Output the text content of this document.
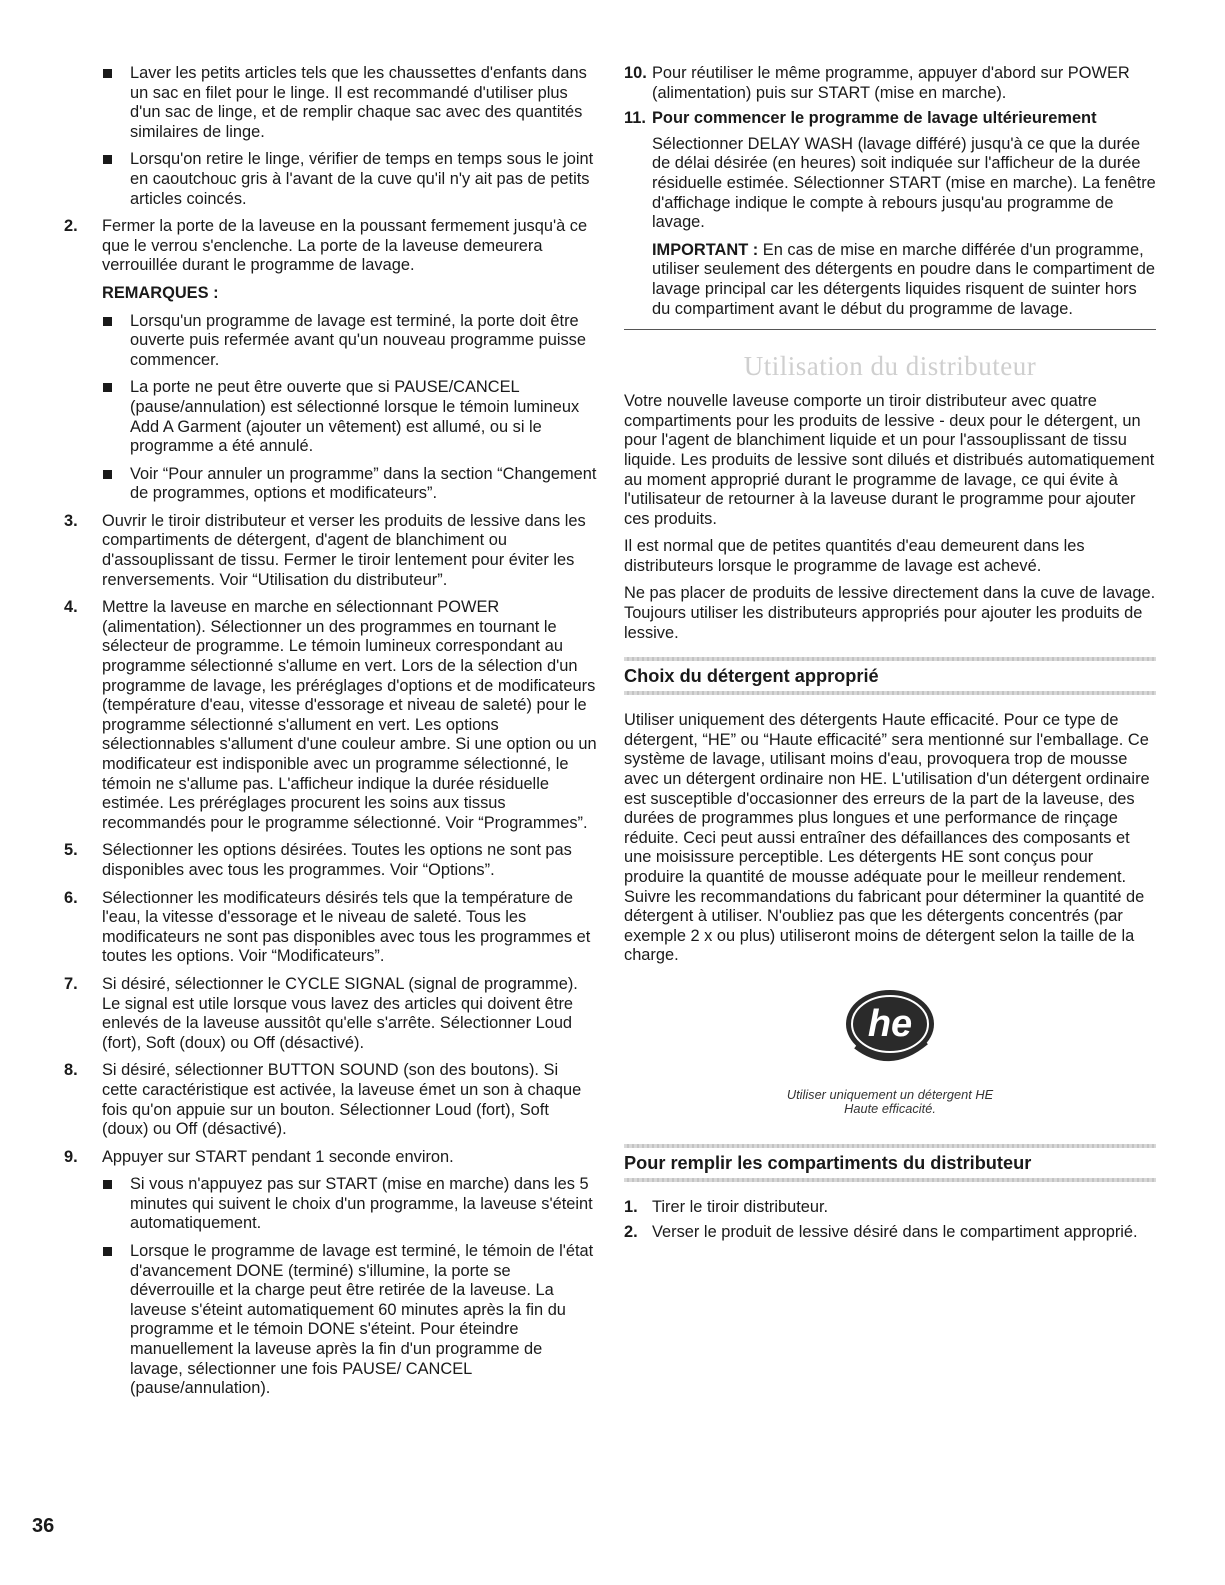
Laver les petits articles tels que les chaussettes d'enfants dans un sac en filet pour le linge. Il est recommandé d'utiliser plus d'un sac de linge, et de remplir chaque sac avec des quantités similaires de linge.
Lorsqu'on retire le linge, vérifier de temps en temps sous le joint en caoutchouc gris à l'avant de la cuve qu'il n'y ait pas de petits articles coincés.
2. Fermer la porte de la laveuse en la poussant fermement jusqu'à ce que le verrou s'enclenche. La porte de la laveuse demeurera verrouillée durant le programme de lavage.
REMARQUES :
Lorsqu'un programme de lavage est terminé, la porte doit être ouverte puis refermée avant qu'un nouveau programme puisse commencer.
La porte ne peut être ouverte que si PAUSE/CANCEL (pause/annulation) est sélectionné lorsque le témoin lumineux Add A Garment (ajouter un vêtement) est allumé, ou si le programme a été annulé.
Voir “Pour annuler un programme” dans la section “Changement de programmes, options et modificateurs”.
3. Ouvrir le tiroir distributeur et verser les produits de lessive dans les compartiments de détergent, d'agent de blanchiment ou d'assouplissant de tissu. Fermer le tiroir lentement pour éviter les renversements. Voir “Utilisation du distributeur”.
4. Mettre la laveuse en marche en sélectionnant POWER (alimentation). Sélectionner un des programmes en tournant le sélecteur de programme. Le témoin lumineux correspondant au programme sélectionné s'allume en vert. Lors de la sélection d'un programme de lavage, les préréglages d'options et de modificateurs (température d'eau, vitesse d'essorage et niveau de saleté) pour le programme sélectionné s'allument en vert. Les options sélectionnables s'allument d'une couleur ambre. Si une option ou un modificateur est indisponible avec un programme sélectionné, le témoin ne s'allume pas. L'afficheur indique la durée résiduelle estimée. Les préréglages procurent les soins aux tissus recommandés pour le programme sélectionné. Voir “Programmes”.
5. Sélectionner les options désirées. Toutes les options ne sont pas disponibles avec tous les programmes. Voir “Options”.
6. Sélectionner les modificateurs désirés tels que la température de l'eau, la vitesse d'essorage et le niveau de saleté. Tous les modificateurs ne sont pas disponibles avec tous les programmes et toutes les options. Voir “Modificateurs”.
7. Si désiré, sélectionner le CYCLE SIGNAL (signal de programme). Le signal est utile lorsque vous lavez des articles qui doivent être enlevés de la laveuse aussitôt qu'elle s'arrête. Sélectionner Loud (fort), Soft (doux) ou Off (désactivé).
8. Si désiré, sélectionner BUTTON SOUND (son des boutons). Si cette caractéristique est activée, la laveuse émet un son à chaque fois qu'on appuie sur un bouton. Sélectionner Loud (fort), Soft (doux) ou Off (désactivé).
9. Appuyer sur START pendant 1 seconde environ.
Si vous n'appuyez pas sur START (mise en marche) dans les 5 minutes qui suivent le choix d'un programme, la laveuse s'éteint automatiquement.
Lorsque le programme de lavage est terminé, le témoin de l'état d'avancement DONE (terminé) s'illumine, la porte se déverrouille et la charge peut être retirée de la laveuse. La laveuse s'éteint automatiquement 60 minutes après la fin du programme et le témoin DONE s'éteint. Pour éteindre manuellement la laveuse après la fin d'un programme de lavage, sélectionner une fois PAUSE/ CANCEL (pause/annulation).
10. Pour réutiliser le même programme, appuyer d'abord sur POWER (alimentation) puis sur START (mise en marche).
11. Pour commencer le programme de lavage ultérieurement
Sélectionner DELAY WASH (lavage différé) jusqu'à ce que la durée de délai désirée (en heures) soit indiquée sur l'afficheur de la durée résiduelle estimée. Sélectionner START (mise en marche). La fenêtre d'affichage indique le compte à rebours jusqu'au programme de lavage.
IMPORTANT : En cas de mise en marche différée d'un programme, utiliser seulement des détergents en poudre dans le compartiment de lavage principal car les détergents liquides risquent de suinter hors du compartiment avant le début du programme de lavage.
Utilisation du distributeur
Votre nouvelle laveuse comporte un tiroir distributeur avec quatre compartiments pour les produits de lessive - deux pour le détergent, un pour l'agent de blanchiment liquide et un pour l'assouplissant de tissu liquide. Les produits de lessive sont dilués et distribués automatiquement au moment approprié durant le programme de lavage, ce qui évite à l'utilisateur de retourner à la laveuse durant le programme pour ajouter ces produits.
Il est normal que de petites quantités d'eau demeurent dans les distributeurs lorsque le programme de lavage est achevé.
Ne pas placer de produits de lessive directement dans la cuve de lavage. Toujours utiliser les distributeurs appropriés pour ajouter les produits de lessive.
Choix du détergent approprié
Utiliser uniquement des détergents Haute efficacité. Pour ce type de détergent, “HE” ou “Haute efficacité” sera mentionné sur l'emballage. Ce système de lavage, utilisant moins d'eau, provoquera trop de mousse avec un détergent ordinaire non HE. L'utilisation d'un détergent ordinaire est susceptible d'occasionner des erreurs de la part de la laveuse, des durées de programmes plus longues et une performance de rinçage réduite. Ceci peut aussi entraîner des défaillances des composants et une moisissure perceptible. Les détergents HE sont conçus pour produire la quantité de mousse adéquate pour le meilleur rendement. Suivre les recommandations du fabricant pour déterminer la quantité de détergent à utiliser. N'oubliez pas que les détergents concentrés (par exemple 2 x ou plus) utiliseront moins de détergent selon la taille de la charge.
he
Utiliser uniquement un détergent HE
Haute efficacité.
Pour remplir les compartiments du distributeur
1. Tirer le tiroir distributeur.
2. Verser le produit de lessive désiré dans le compartiment approprié.
36
